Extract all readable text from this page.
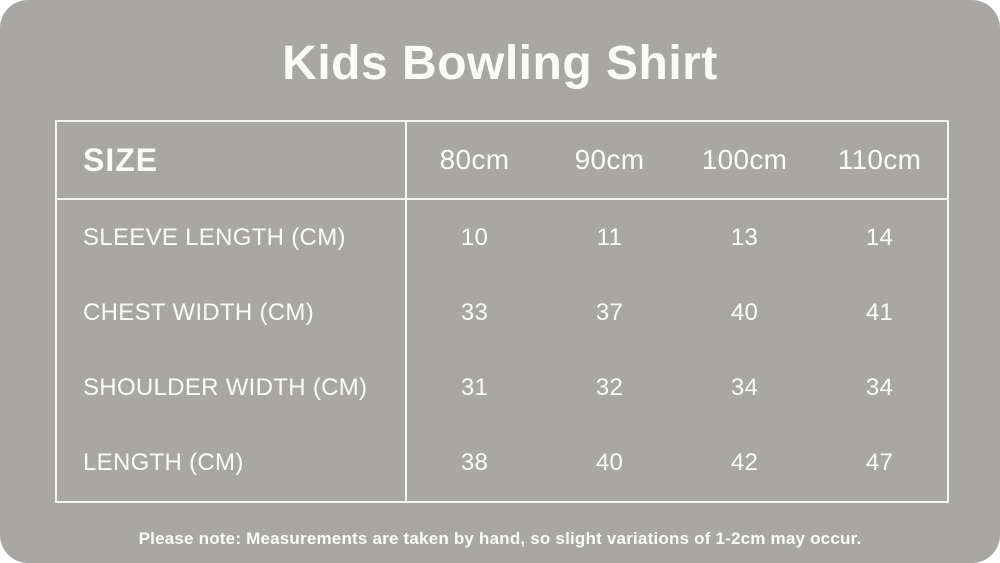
Kids Bowling Shirt
SIZE	80cm	90cm	100cm	110cm
SLEEVE LENGTH (CM)	10	11	13	14
CHEST WIDTH (CM)	33	37	40	41
SHOULDER WIDTH (CM)	31	32	34	34
LENGTH (CM)	38	40	42	47

Please note: Measurements are taken by hand, so slight variations of 1-2cm may occur.
